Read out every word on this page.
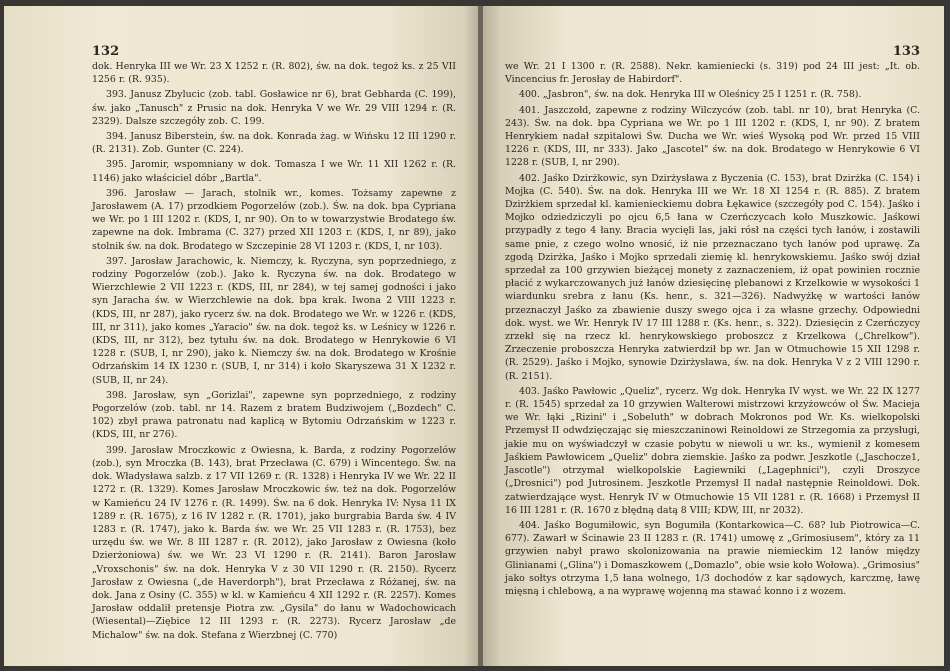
132

dok. Henryka III we Wr. 23 X 1252 r. (R. 802), św. na dok. tegoż ks. z 25 VII 1256 r. (R. 935).

393. Janusz Zbylucic (zob. tabl. Gosławice nr 6), brat Gebharda (C. 199), św. jako „Tanusch" z Prusic na dok. Henryka V we Wr. 29 VIII 1294 r. (R. 2329). Dalsze szczegóły zob. C. 199.

394. Janusz Biberstein, św. na dok. Konrada żag. w Wińsku 12 III 1290 r. (R. 2131). Zob. Gunter (C. 224).

395. Jaromir, wspomniany w dok. Tomasza I we Wr. 11 XII 1262 r. (R. 1146) jako właściciel dóbr „Bartla".

396. Jarosław — Jarach, stolnik wr., komes. Tożsamy zapewne z Jarosławem (A. 17) przodkiem Pogorzelów (zob.). Św. na dok. bpa Cypriana we Wr. po 1 III 1202 r. (KDS, I, nr 90). On to w towarzystwie Brodatego św. zapewne na dok. Imbrama (C. 327) przed XII 1203 r. (KDS, I, nr 89), jako stolnik św. na dok. Brodatego w Szczepinie 28 VI 1203 r. (KDS, I, nr 103).

397. Jarosław Jarachowic, k. Niemczy, k. Ryczyna, syn poprzedniego, z rodziny Pogorzelów (zob.). Jako k. Ryczyna św. na dok. Brodatego w Wierzchlewie 2 VII 1223 r. (KDS, III, nr 284), w tej samej godności i jako syn Jaracha św. w Wierzchlewie na dok. bpa krak. Iwona 2 VIII 1223 r. (KDS, III, nr 287), jako rycerz św. na dok. Brodatego we Wr. w 1226 r. (KDS, III, nr 311), jako komes „Yaracio" św. na dok. tegoż ks. w Leśnicy w 1226 r. (KDS, III, nr 312), bez tytułu św. na dok. Brodatego w Henrykowie 6 VI 1228 r. (SUB, I, nr 290), jako k. Niemczy św. na dok. Brodatego w Krośnie Odrzańskim 14 IX 1230 r. (SUB, I, nr 314) i koło Skaryszewa 31 X 1232 r. (SUB, II, nr 24).

398. Jarosław, syn „Gorizlai", zapewne syn poprzedniego, z rodziny Pogorzelów (zob. tabl. nr 14. Razem z bratem Budziwojem („Bozdech" C. 102) zbył prawa patronatu nad kaplicą w Bytomiu Odrzańskim w 1223 r. (KDS, III, nr 276).

399. Jarosław Mroczkowic z Owiesna, k. Barda, z rodziny Pogorzelów (zob.), syn Mroczka (B. 143), brat Przecława (C. 679) i Wincentego. Św. na dok. Władysława salzb. z 17 VII 1269 r. (R. 1328) i Henryka IV we Wr. 22 II 1272 r. (R. 1329). Komes Jarosław Mroczkowic św. też na dok. Pogorzelów w Kamieńcu 24 IV 1276 r. (R. 1499). Św. na 6 dok. Henryka IV: Nysa 11 IX 1289 r. (R. 1675), z 16 IV 1282 r. (R. 1701), jako burgrabia Barda św. 4 IV 1283 r. (R. 1747), jako k. Barda św. we Wr. 25 VII 1283 r. (R. 1753), bez urzędu św. we Wr. 8 III 1287 r. (R. 2012), jako Jarosław z Owiesna (koło Dzierżoniowa) św. we Wr. 23 VI 1290 r. (R. 2141). Baron Jarosław „Vroxschonis" św. na dok. Henryka V z 30 VII 1290 r. (R. 2150). Rycerz Jarosław z Owiesna („de Haverdorph"), brat Przecława z Różanej, św. na dok. Jana z Osiny (C. 355) w kl. w Kamieńcu 4 XII 1292 r. (R. 2257). Komes Jarosław oddalił pretensje Piotra zw. „Gysila" do łanu w Wadochowicach (Wiesental)—Ziębice 12 III 1293 r. (R. 2273). Rycerz Jarosław „de Michalow" św. na dok. Stefana z Wierzbnej (C. 770)

133

we Wr. 21 I 1300 r. (R. 2588). Nekr. kamieniecki (s. 319) pod 24 III jest: „It. ob. Vincencius fr. Jerosłay de Habirdorf".

400. „Jasbron", św. na dok. Henryka III w Oleśnicy 25 I 1251 r. (R. 758).

401. Jaszczołd, zapewne z rodziny Wilczyców (zob. tabl. nr 10), brat Henryka (C. 243). Św. na dok. bpa Cypriana we Wr. po 1 III 1202 r. (KDS, I, nr 90). Z bratem Henrykiem nadał szpitalowi Św. Ducha we Wr. wieś Wysoką pod Wr. przed 15 VIII 1226 r. (KDS, III, nr 333). Jako „Jascotel" św. na dok. Brodatego w Henrykowie 6 VI 1228 r. (SUB, I, nr 290).

402. Jaśko Dzirżkowic, syn Dzirżysława z Byczenia (C. 153), brat Dzirżka (C. 154) i Mojka (C. 540). Św. na dok. Henryka III we Wr. 18 XI 1254 r. (R. 885). Z bratem Dzirżkiem sprzedał kl. kamienieckiemu dobra Łękawice (szczegóły pod C. 154). Jaśko i Mojko odziedziczyli po ojcu 6,5 łana w Czerńczycach koło Muszkowic. Jaśkowi przypadły z tego 4 łany. Bracia wycięli las, jaki rósł na części tych łanów, i zostawili same pnie, z czego wolno wnosić, iż nie przeznaczano tych łanów pod uprawę. Za zgodą Dzirżka, Jaśko i Mojko sprzedali ziemię kl. henrykowskiemu. Jaśko swój dział sprzedał za 100 grzywien bieżącej monety z zaznaczeniem, iż opat powinien rocznie płacić z wykarczowanych już łanów dziesięcinę plebanowi z Krzelkowie w wysokości 1 wiardunku srebra z łanu (Ks. henr., s. 321—326). Nadwyżkę w wartości łanów przeznaczył Jaśko za zbawienie duszy swego ojca i za własne grzechy. Odpowiedni dok. wyst. we Wr. Henryk IV 17 III 1288 r. (Ks. henr., s. 322). Dziesięcin z Czerńczycy zrzekł się na rzecz kl. henrykowskiego proboszcz z Krzelkowa („Chrelkow"). Zrzeczenie proboszcza Henryka zatwierdził bp wr. Jan w Otmuchowie 15 XII 1298 r. (R. 2529). Jaśko i Mojko, synowie Dzirżysława, św. na dok. Henryka V z 2 VIII 1290 r. (R. 2151).

403. Jaśko Pawłowic „Queliz", rycerz. Wg dok. Henryka IV wyst. we Wr. 22 IX 1277 r. (R. 1545) sprzedał za 10 grzywien Walterowi mistrzowi krzyżowców oł Św. Macieja we Wr. łąki „Rizini" i „Sobeluth" w dobrach Mokronos pod Wr. Ks. wielkopolski Przemysł II odwdzięczając się mieszczaninowi Reinoldowi ze Strzegomia za przysługi, jakie mu on wyświadczył w czasie pobytu w niewoli u wr. ks., wymienił z komesem Jaśkiem Pawłowicem „Queliz" dobra ziemskie. Jaśko za podwr. Jeszkotle („Jaschocze1, Jascotle") otrzymał wielkopolskie Łagiewniki („Lagephnici"), czyli Droszyce („Drosnici") pod Jutrosinem. Jeszkotle Przemysł II nadał następnie Reinoldowi. Dok. zatwierdzające wyst. Henryk IV w Otmuchowie 15 VII 1281 r. (R. 1668) i Przemysł II 16 III 1281 r. (R. 1670 z błędną datą 8 VIII; KDW, III, nr 2032).

404. Jaśko Bogumiłowic, syn Bogumiła (Kontarkowica—C. 68? lub Piotrowica—C. 677). Zawarł w Ścinawie 23 II 1283 r. (R. 1741) umowę z „Grimosiusem", który za 11 grzywien nabył prawo skolonizowania na prawie niemieckim 12 łanów między Glinianami („Glina") i Domaszkowem („Domazlo", obie wsie koło Wołowa). „Grimosius" jako sołtys otrzyma 1,5 łana wolnego, 1/3 dochodów z kar sądowych, karczmę, ławę mięsną i chlebową, a na wyprawę wojenną ma stawać konno i z wozem.
